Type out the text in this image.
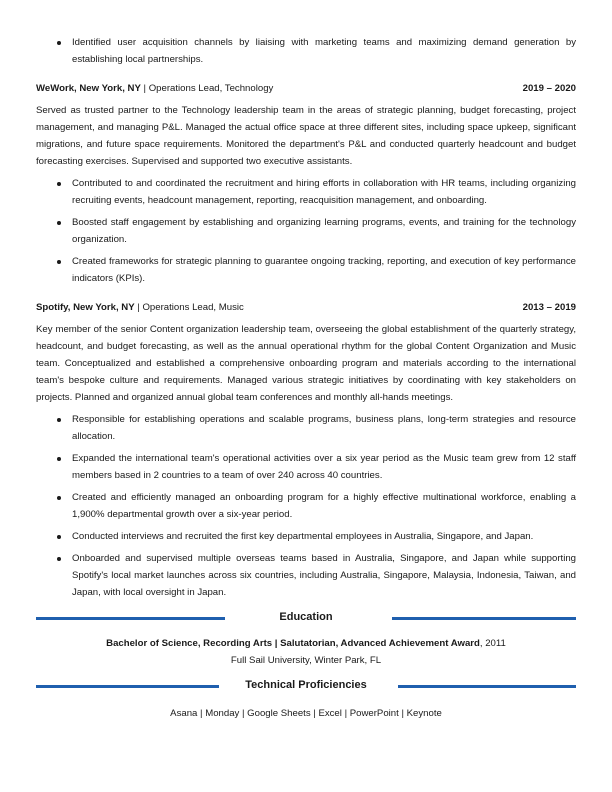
Identified user acquisition channels by liaising with marketing teams and maximizing demand generation by establishing local partnerships.
WeWork, New York, NY | Operations Lead, Technology	2019 – 2020
Served as trusted partner to the Technology leadership team in the areas of strategic planning, budget forecasting, project management, and managing P&L. Managed the actual office space at three different sites, including space upkeep, significant migrations, and future space requirements. Monitored the department's P&L and conducted quarterly headcount and budget forecasting exercises. Supervised and supported two executive assistants.
Contributed to and coordinated the recruitment and hiring efforts in collaboration with HR teams, including organizing recruiting events, headcount management, reporting, reacquisition management, and onboarding.
Boosted staff engagement by establishing and organizing learning programs, events, and training for the technology organization.
Created frameworks for strategic planning to guarantee ongoing tracking, reporting, and execution of key performance indicators (KPIs).
Spotify, New York, NY | Operations Lead, Music	2013 – 2019
Key member of the senior Content organization leadership team, overseeing the global establishment of the quarterly strategy, headcount, and budget forecasting, as well as the annual operational rhythm for the global Content Organization and Music team. Conceptualized and established a comprehensive onboarding program and materials according to the international team's bespoke culture and requirements. Managed various strategic initiatives by coordinating with key stakeholders on projects. Planned and organized annual global team conferences and monthly all-hands meetings.
Responsible for establishing operations and scalable programs, business plans, long-term strategies and resource allocation.
Expanded the international team's operational activities over a six year period as the Music team grew from 12 staff members based in 2 countries to a team of over 240 across 40 countries.
Created and efficiently managed an onboarding program for a highly effective multinational workforce, enabling a 1,900% departmental growth over a six-year period.
Conducted interviews and recruited the first key departmental employees in Australia, Singapore, and Japan.
Onboarded and supervised multiple overseas teams based in Australia, Singapore, and Japan while supporting Spotify's local market launches across six countries, including Australia, Singapore, Malaysia, Indonesia, Taiwan, and Japan, with local oversight in Japan.
Education
Bachelor of Science, Recording Arts | Salutatorian, Advanced Achievement Award, 2011
Full Sail University, Winter Park, FL
Technical Proficiencies
Asana | Monday | Google Sheets | Excel | PowerPoint | Keynote
